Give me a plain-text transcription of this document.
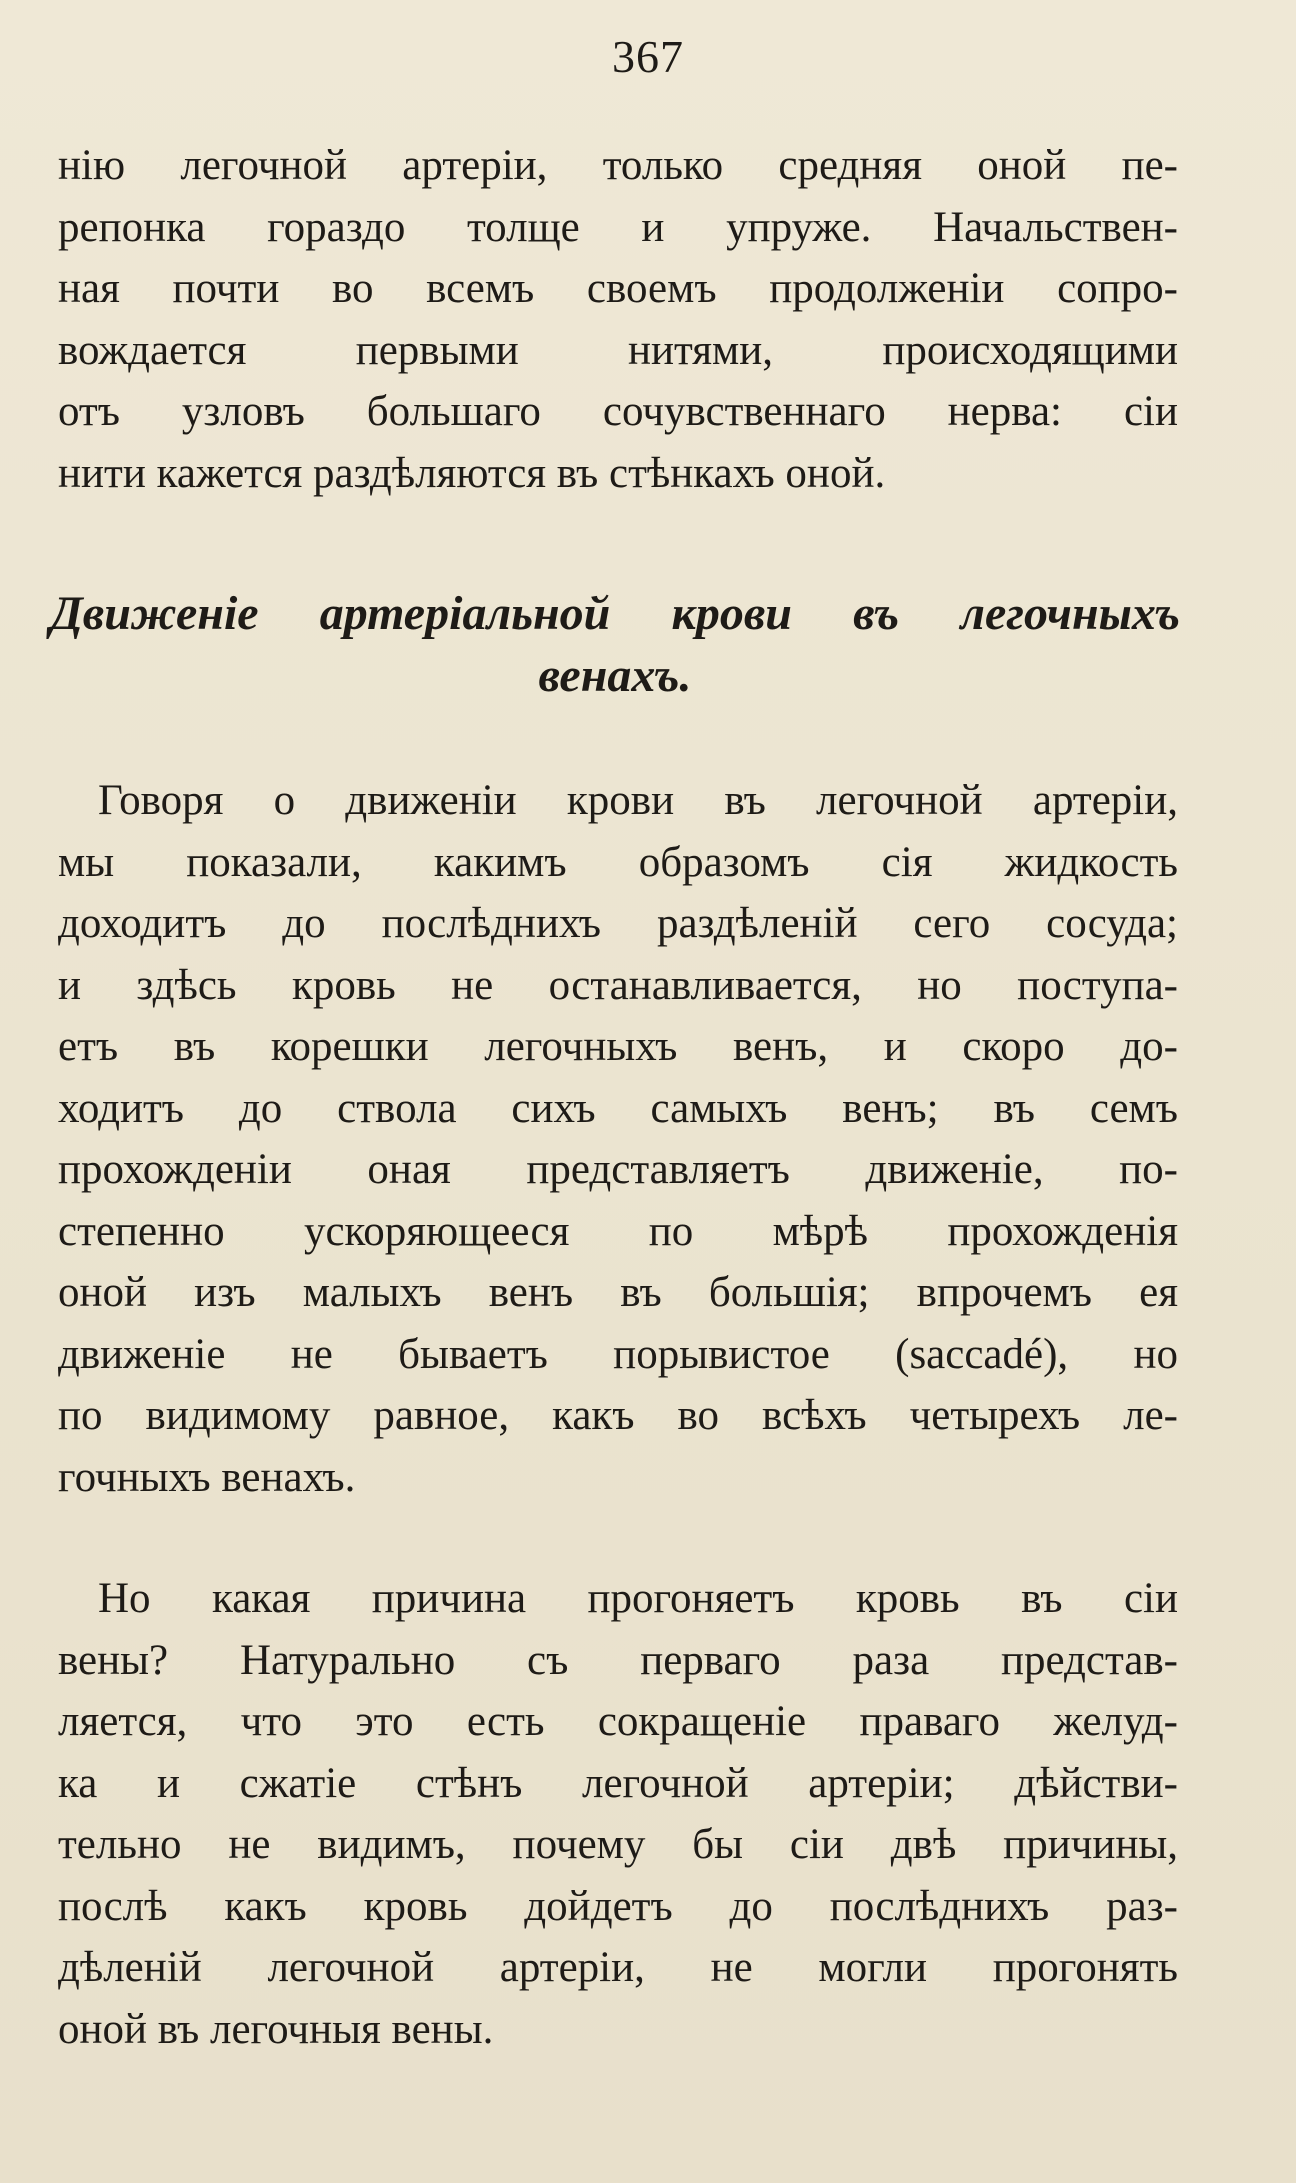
367
нію легочной артеріи, только средняя оной пе-
репонка гораздо толще и упруже. Начальствен-
ная почти во всемъ своемъ продолженіи сопро-
вождается первыми нитями, происходящими
отъ узловъ большаго сочувственнаго нерва: сіи
нити кажется раздѣляются въ стѣнкахъ оной.
Движеніе артеріальной крови въ легочныхъ
венахъ.
Говоря о движеніи крови въ легочной артеріи,
мы показали, какимъ образомъ сія жидкость
доходитъ до послѣднихъ раздѣленій сего сосуда;
и здѣсь кровь не останавливается, но поступа-
етъ въ корешки легочныхъ венъ, и скоро до-
ходитъ до ствола сихъ самыхъ венъ; въ семъ
прохожденіи оная представляетъ движеніе, по-
степенно ускоряющееся по мѣрѣ прохожденія
оной изъ малыхъ венъ въ большія; впрочемъ ея
движеніе не бываетъ порывистое (saccadé), но
по видимому равное, какъ во всѣхъ четырехъ ле-
гочныхъ венахъ.
Но какая причина прогоняетъ кровь въ сіи
вены? Натурально съ перваго раза представ-
ляется, что это есть сокращеніе праваго желуд-
ка и сжатіе стѣнъ легочной артеріи; дѣйстви-
тельно не видимъ, почему бы сіи двѣ причины,
послѣ какъ кровь дойдетъ до послѣднихъ раз-
дѣленій легочной артеріи, не могли прогонять
оной въ легочныя вены.
